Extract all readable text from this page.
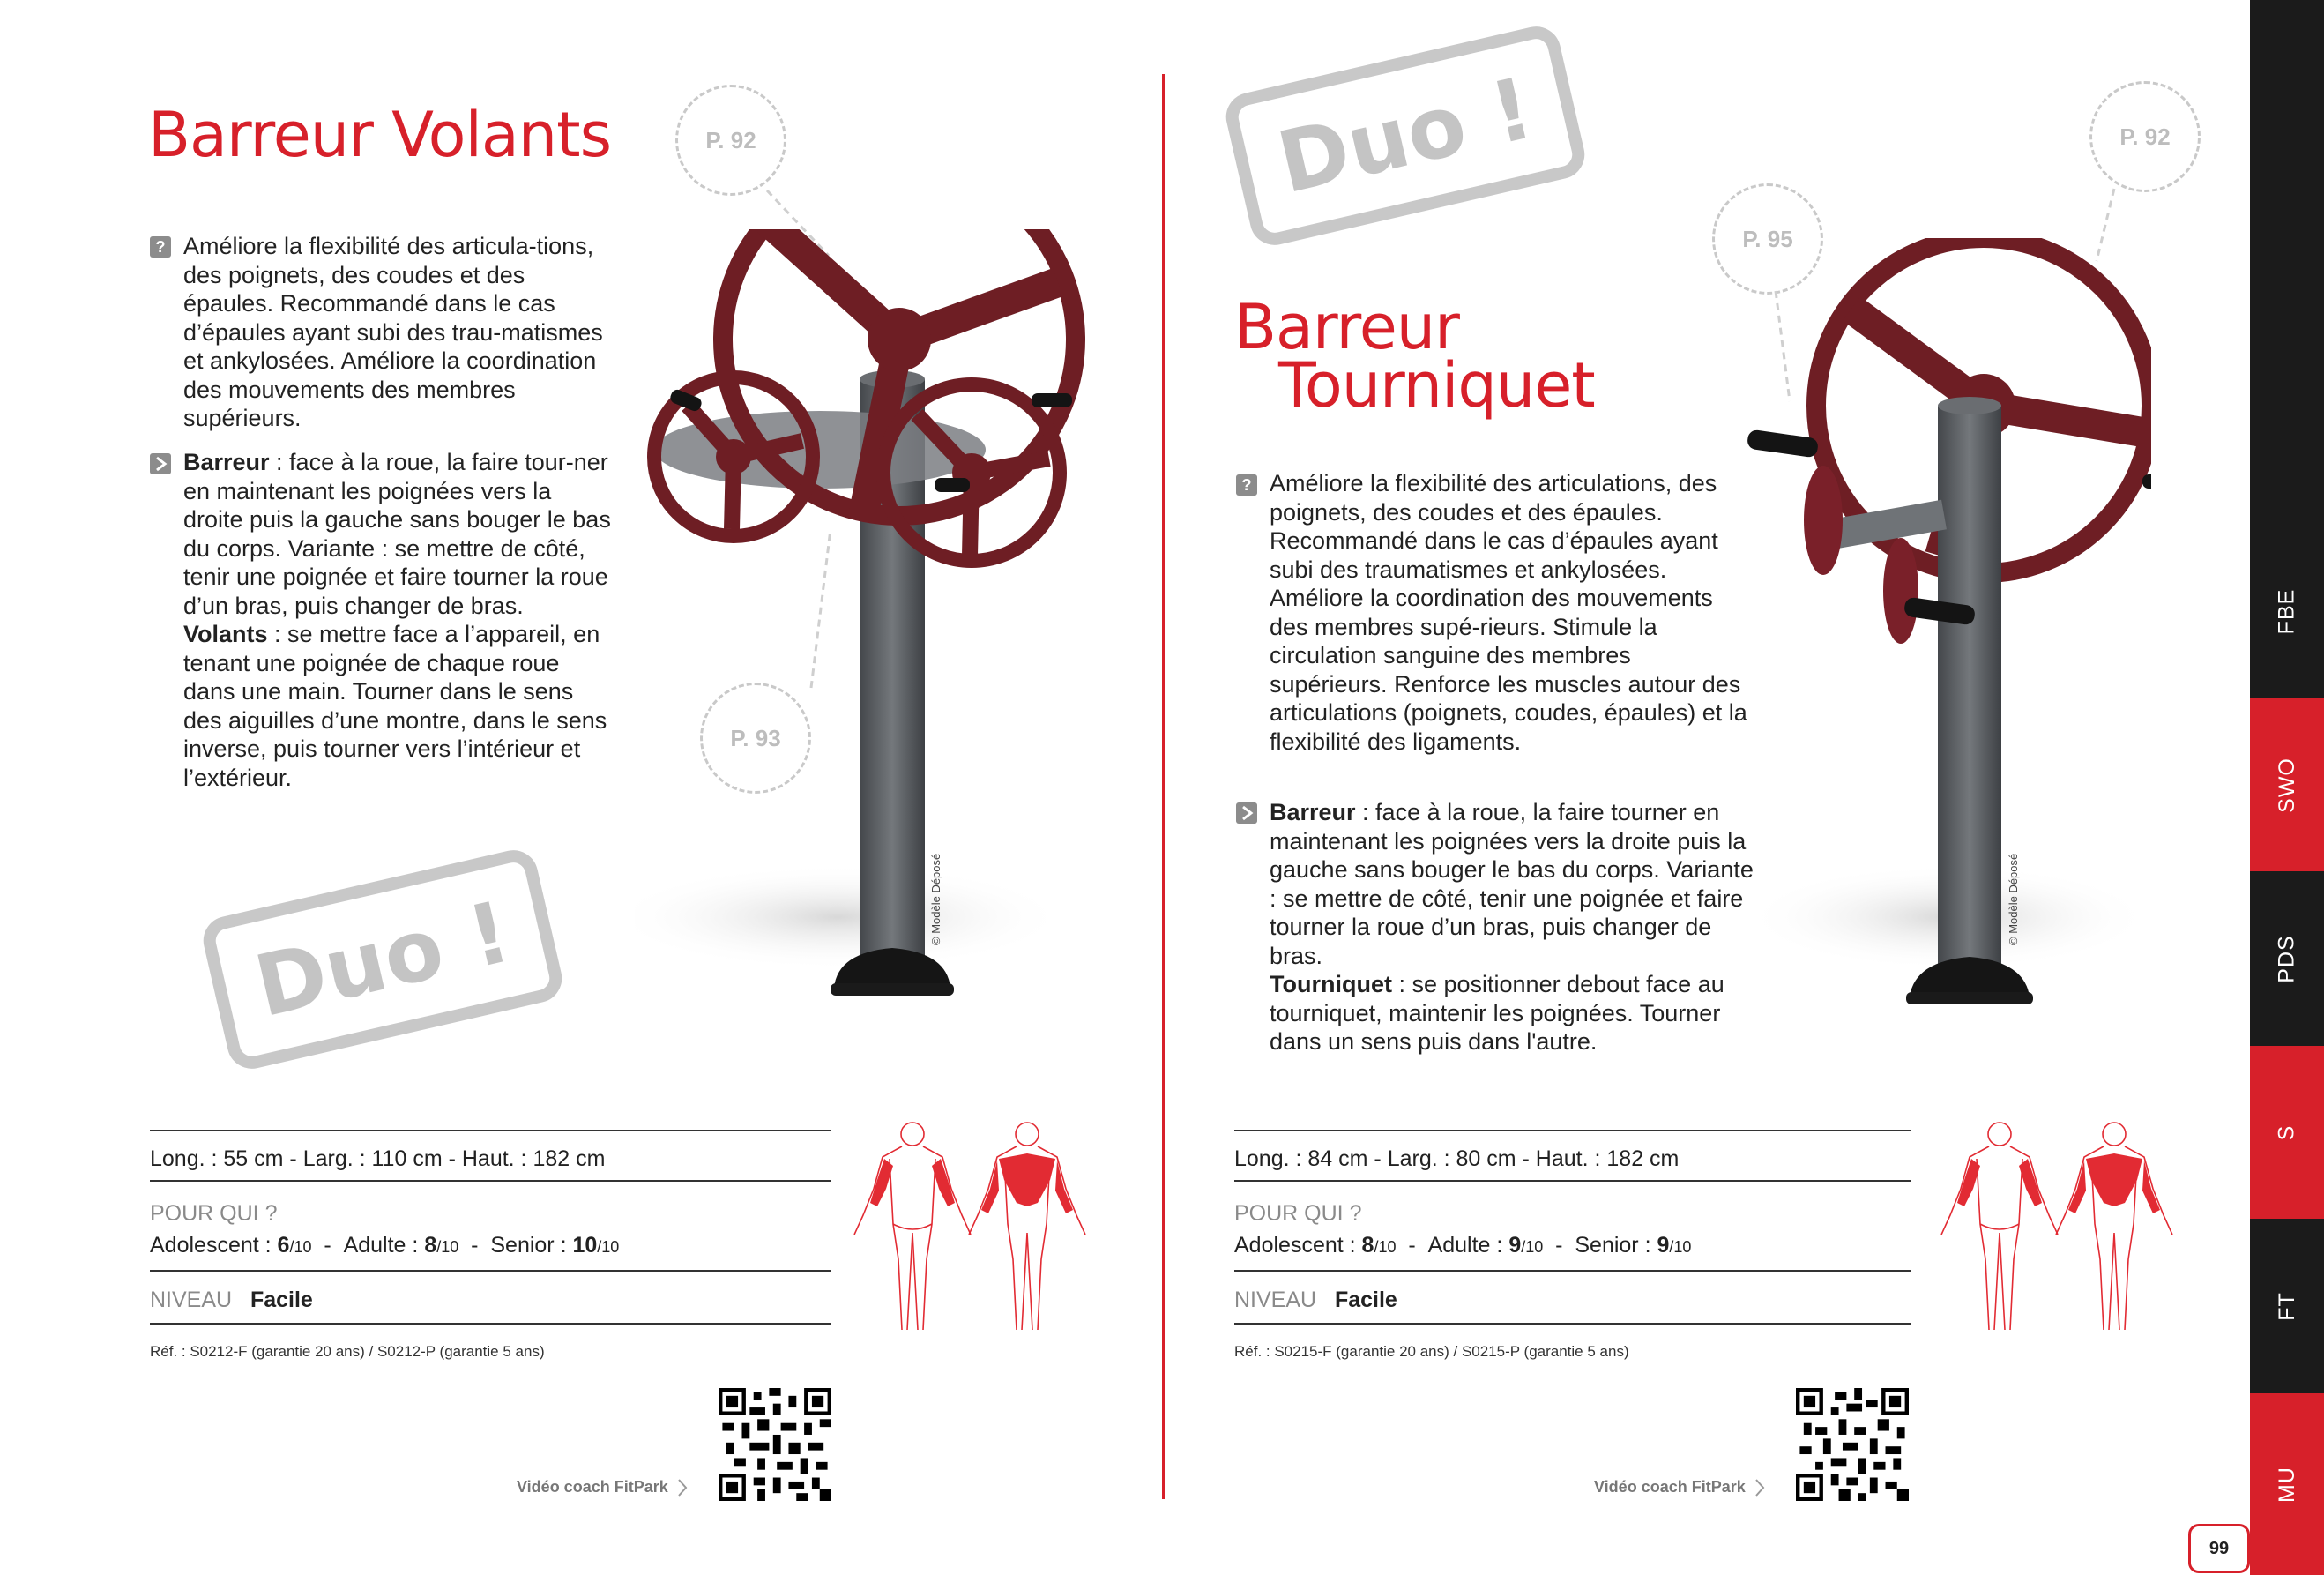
Barreur Volants
? Améliore la flexibilité des articula-tions, des poignets, des coudes et des épaules. Recommandé dans le cas d’épaules ayant subi des trau-matismes et ankylosées. Améliore la coordination des mouvements des membres supérieurs.
Barreur : face à la roue, la faire tour-ner en maintenant les poignées vers la droite puis la gauche sans bouger le bas du corps. Variante : se mettre de côté, tenir une poignée et faire tourner la roue d’un bras, puis changer de bras.
Volants : se mettre face a l’appareil, en tenant une poignée de chaque roue dans une main. Tourner dans le sens des aiguilles d’une montre, dans le sens inverse, puis tourner vers l’intérieur et l’extérieur.
P. 92
P. 93
Duo !	© Modèle Déposé
Long. : 55 cm - Larg. : 110 cm - Haut. : 182 cm
POUR QUI ?
Adolescent : 6/10  -  Adulte : 8/10  -  Senior : 10/10
NIVEAU Facile
Réf. : S0212-F (garantie 20 ans) / S0212-P (garantie 5 ans)
Vidéo coach FitPark
Duo !
Barreur
Tourniquet
? Améliore la flexibilité des articulations, des poignets, des coudes et des épaules. Recommandé dans le cas d’épaules ayant subi des traumatismes et ankylosées. Améliore la coordination des mouvements des membres supé-rieurs. Stimule la circulation sanguine des membres supérieurs. Renforce les muscles autour des articulations (poignets, coudes, épaules) et la flexibilité des ligaments.
Barreur : face à la roue, la faire tourner en maintenant les poignées vers la droite puis la gauche sans bouger le bas du corps. Variante : se mettre de côté, tenir une poignée et faire tourner la roue d’un bras, puis changer de bras.
Tourniquet : se positionner debout face au tourniquet, maintenir les poignées. Tourner dans un sens puis dans l'autre.
P. 92
P. 95
© Modèle Déposé
Long. : 84 cm - Larg. : 80 cm - Haut. : 182 cm
POUR QUI ?
Adolescent : 8/10  -  Adulte : 9/10  -  Senior : 9/10
NIVEAU Facile
Réf. : S0215-F (garantie 20 ans) / S0215-P (garantie 5 ans)
Vidéo coach FitPark
FBE
SWO
PDS
S
FT
MU
99
